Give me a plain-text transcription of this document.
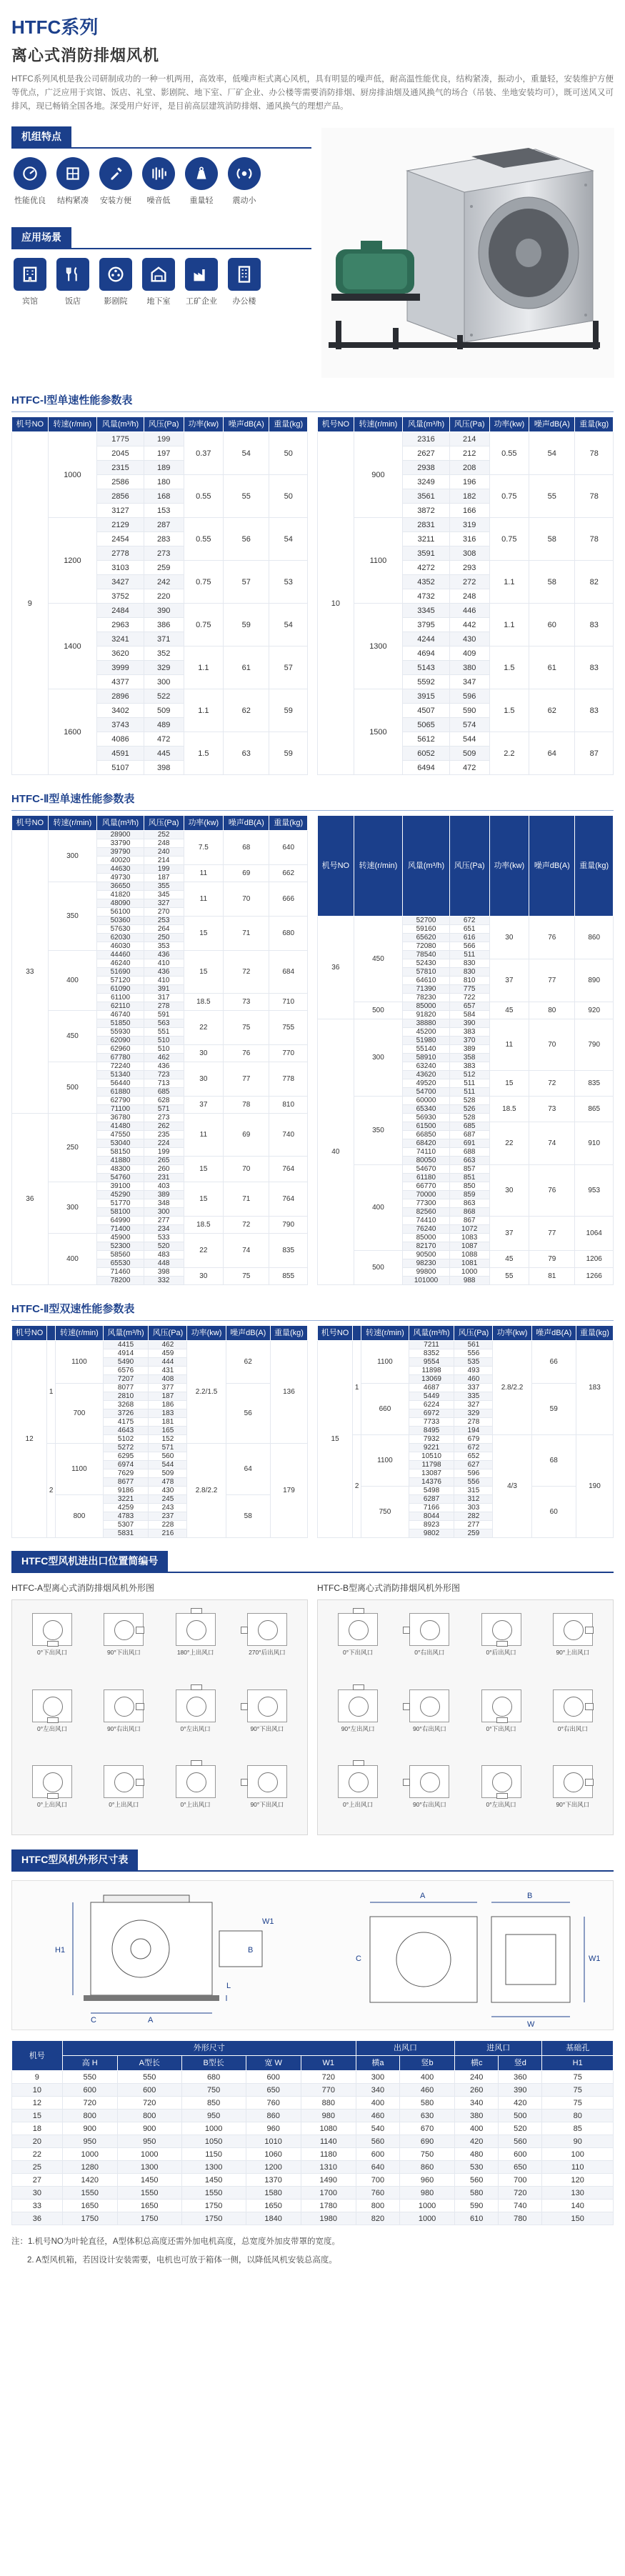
HTFC系列
离心式消防排烟风机
HTFC系列风机是我公司研制成功的一种一机两用，高效率，低噪声柜式离心风机，具有明显的噪声低，耐高温性能优良，结构紧凑，振动小，重量轻，安装维护方便等优点，广泛应用于宾馆、饭店、礼堂、影剧院、地下室、厂矿企业、办公楼等需要消防排烟、厨房排油烟及通风换气的场合（吊装、坐地安装均可），既可送风又可排风，现已畅销全国各地。深受用户好评，是目前高层建筑消防排烟、通风换气的理想产品。
机组特点
性能优良	结构紧凑	安装方便	噪音低	重量轻	震动小
应用场景
宾馆	饭店	影剧院	地下室	工矿企业	办公楼
HTFC-Ⅰ型单速性能参数表
机号NO	转速(r/min)	风量(m³/h)	风压(Pa)	功率(kw)	噪声dB(A)	重量(kg)
9	1000	1775	199	0.37	54	50
		2045	197			
		2315	189			
		2586	180	0.55	55	50
		2856	168			
		3127	153			
	1200	2129	287	0.55	56	54
		2454	283			
		2778	273			
		3103	259	0.75	57	53
		3427	242			
		3752	220			
	1400	2484	390	0.75	59	54
		2963	386			
		3241	371			
		3620	352	1.1	61	57
		3999	329			
		4377	300			
	1600	2896	522	1.1	62	59
		3402	509			
		3743	489			
		4086	472	1.5	63	59
		4591	445			
		5107	398			
机号NO	转速(r/min)	风量(m³/h)	风压(Pa)	功率(kw)	噪声dB(A)	重量(kg)
10	900	2316	214	0.55	54	78
		2627	212			
		2938	208			
		3249	196	0.75	55	78
		3561	182			
		3872	166			
	1100	2831	319	0.75	58	78
		3211	316			
		3591	308			
		4272	293	1.1	58	82
		4352	272			
		4732	248			
	1300	3345	446	1.1	60	83
		3795	442			
		4244	430			
		4694	409	1.5	61	83
		5143	380			
		5592	347			
	1500	3915	596	1.5	62	83
		4507	590			
		5065	574			
		5612	544	2.2	64	87
		6052	509			
		6494	472			
HTFC-Ⅱ型单速性能参数表
机号NO	转速(r/min)	风量(m³/h)	风压(Pa)	功率(kw)	噪声dB(A)	重量(kg)
33	300	28900	252	7.5	68	640
		33790	248			
		39790	240			
		40020	214			
		44630	199	11	69	662
		49730	187			
	350	36650	355	11	70	666
		41820	345			
		48090	327			
		56100	270			
		50360	253	15	71	680
		57630	264			
		62030	250			
		46030	353			
	400	44460	436	15	72	684
		46240	410			
		51690	436			
		57120	410			
		61090	391			
		61100	317	18.5	73	710
		62110	278			
	450	46740	591	22	75	755
		51850	563			
		55930	551			
		62090	510			
		62960	510	30	76	770
		67780	462			
	500	72240	436	30	77	778
		51340	723			
		56440	713			
		61880	685			
		62790	628	37	78	810
		71100	571			
36	250	36780	273	11	69	740
		41480	262			
		47550	235			
		53040	224			
		58150	199			
		41880	265	15	70	764
		48300	260			
		54760	231			
	300	39100	403	15	71	764
		45290	389			
		51770	348			
		58100	300			
		64990	277	18.5	72	790
		71400	234			
	400	45900	533	22	74	835
		52300	520			
		58560	483			
		65530	448			
		71460	398	30	75	855
		78200	332			
机号NO	转速(r/min)	风量(m³/h)	风压(Pa)	功率(kw)	噪声dB(A)	重量(kg)
36	450	52700	672	30	76	860
		59160	651			
		65620	616			
		72080	566			
		78540	511			
		52430	830	37	77	890
		57810	830			
		64610	810			
		71390	775			
		78230	722			
	500	85000	657	45	80	920
		91820	584			
40	300	38880	390	11	70	790
		45200	383			
		51980	370			
		55140	389			
		58910	358			
		63240	383			
		43620	512	15	72	835
		49520	511			
		54700	511			
	350	60000	528	18.5	73	865
		65340	526			
		56930	528			
		61500	685	22	74	910
		66850	687			
		68420	691			
		74110	688			
		80050	663			
	400	54670	857	30	76	953
		61180	851			
		66770	850			
		70000	859			
		77300	863			
		82560	868			
		74410	867	37	77	1064
		76240	1072			
		85000	1083			
		82170	1087			
	500	90500	1088	45	79	1206
		98230	1081			
		99800	1000	55	81	1266
		101000	988			
HTFC-Ⅱ型双速性能参数表
机号NO		转速(r/min)	风量(m³/h)	风压(Pa)	功率(kw)	噪声dB(A)	重量(kg)
12	1	1100	4415	462	2.2/1.5	62	136
			4914	459			
			5490	444			
			6576	431			
			7207	408			
		700	8077	377		56	
			2810	187			
			3268	186			
			3726	183			
			4175	181			
			4643	165			
			5102	152			
	2	1100	5272	571	2.8/2.2	64	179
			6295	560			
			6974	544			
			7629	509			
			8677	478			
			9186	430			
		800	3221	245		58	
			4259	243			
			4783	237			
			5307	228			
			5831	216			
机号NO		转速(r/min)	风量(m³/h)	风压(Pa)	功率(kw)	噪声dB(A)	重量(kg)
15	1	1100	7211	561	2.8/2.2	66	183
			8352	556			
			9554	535			
			11898	493			
			13069	460			
		660	4687	337		59	
			5449	335			
			6224	327			
			6972	329			
			7733	278			
			8495	194			
	2	1100	7932	679	4/3	68	190
			9221	672			
			10510	652			
			11798	627			
			13087	596			
			14376	556			
		750	5498	315		60	
			6287	312			
			7166	303			
			8044	282			
			8923	277			
			9802	259			
HTFC型风机进出口位置简编号
HTFC-A型离心式消防排烟风机外形图
0°下出风口	90°下出风口	180°上出风口	270°后出风口
0°左出风口	90°右出风口	0°左出风口	90°下出风口
0°上出风口	0°上出风口	0°上出风口	90°下出风口
HTFC-B型离心式消防排烟风机外形图
0°下出风口	0°右出风口	0°后出风口	90°上出风口
90°左出风口	90°右出风口	0°下出风口	0°右出风口
0°上出风口	90°右出风口	0°左出风口	90°下出风口
HTFC型风机外形尺寸表
A
C
H1
L
W1
B
A	B
W
W1
C
机号	外形尺寸					出风口		进风口		基础孔
	高 H	A型长	B型长	宽 W	W1	横a	竖b	横c	竖d	H1
9	550	550	680	600	720	300	400	240	360	75
10	600	600	750	650	770	340	460	260	390	75
12	720	720	850	760	880	400	580	340	420	75
15	800	800	950	860	980	460	630	380	500	80
18	900	900	1000	960	1080	540	670	400	520	85
20	950	950	1050	1010	1140	560	690	420	560	90
22	1000	1000	1150	1060	1180	600	750	480	600	100
25	1280	1300	1300	1200	1310	640	860	530	650	110
27	1420	1450	1450	1370	1490	700	960	560	700	120
30	1550	1550	1550	1580	1700	760	980	580	720	130
33	1650	1650	1750	1650	1780	800	1000	590	740	140
36	1750	1750	1750	1840	1980	820	1000	610	780	150
注：1.机号NO为叶轮直径，A型体积总高度还需外加电机高度，总宽度外加皮带罩的宽度。
2. A型风机箱，若因设计安装需要，电机也可放于箱体一侧，以降低风机安装总高度。
